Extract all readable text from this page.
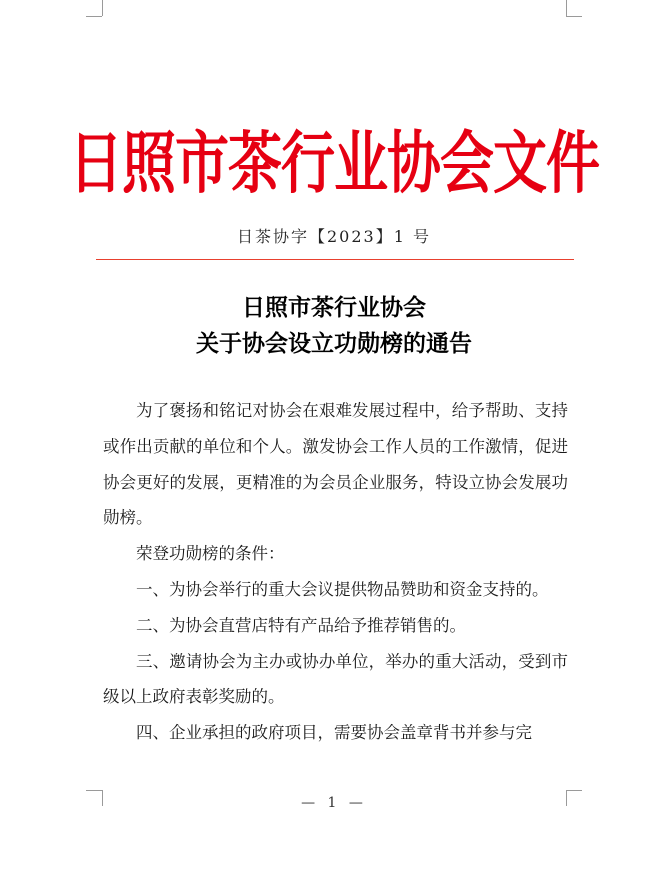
日照市茶行业协会文件
日茶协字【2023】1 号
日照市茶行业协会
关于协会设立功勋榜的通告

为了褒扬和铭记对协会在艰难发展过程中，给予帮助、支持或作出贡献的单位和个人。激发协会工作人员的工作激情，促进协会更好的发展，更精准的为会员企业服务，特设立协会发展功勋榜。

荣登功勋榜的条件：

一、为协会举行的重大会议提供物品赞助和资金支持的。

二、为协会直营店特有产品给予推荐销售的。

三、邀请协会为主办或协办单位，举办的重大活动，受到市级以上政府表彰奖励的。

四、企业承担的政府项目，需要协会盖章背书并参与完

— 1 —
